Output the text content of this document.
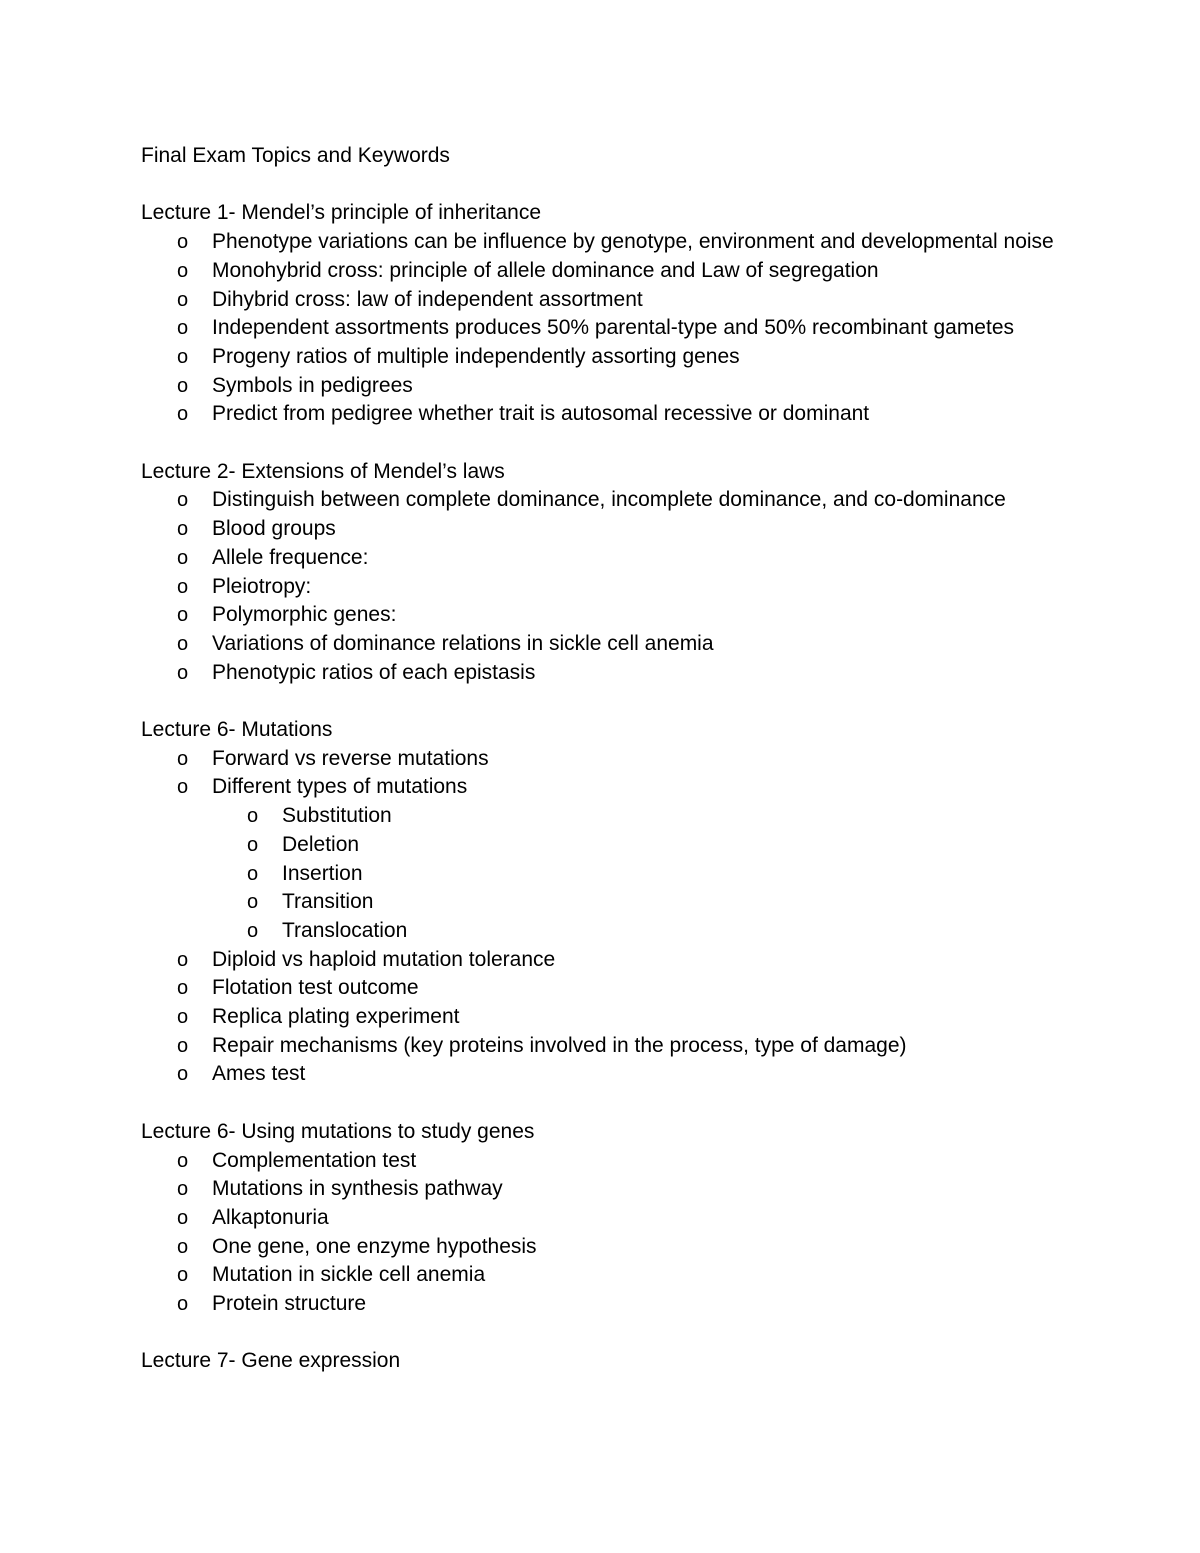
Final Exam Topics and Keywords

Lecture 1- Mendel’s principle of inheritance

o Phenotype variations can be influence by genotype, environment and developmental noise
o Monohybrid cross: principle of allele dominance and Law of segregation
o Dihybrid cross: law of independent assortment
o Independent assortments produces 50% parental-type and 50% recombinant gametes
o Progeny ratios of multiple independently assorting genes
o Symbols in pedigrees
o Predict from pedigree whether trait is autosomal recessive or dominant

Lecture 2- Extensions of Mendel’s laws

o Distinguish between complete dominance, incomplete dominance, and co-dominance
o Blood groups
o Allele frequence:
o Pleiotropy:
o Polymorphic genes:
o Variations of dominance relations in sickle cell anemia
o Phenotypic ratios of each epistasis

Lecture 6- Mutations

o Forward vs reverse mutations
o Different types of mutations
o Substitution
o Deletion
o Insertion
o Transition
o Translocation
o Diploid vs haploid mutation tolerance
o Flotation test outcome
o Replica plating experiment
o Repair mechanisms (key proteins involved in the process, type of damage)
o Ames test

Lecture 6- Using mutations to study genes

o Complementation test
o Mutations in synthesis pathway
o Alkaptonuria
o One gene, one enzyme hypothesis
o Mutation in sickle cell anemia
o Protein structure

Lecture 7- Gene expression
